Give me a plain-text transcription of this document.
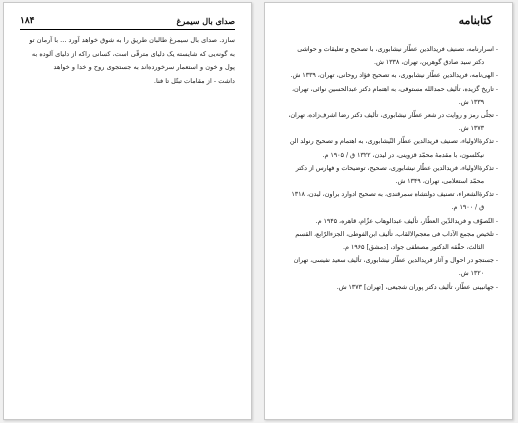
صدای بال سیمرغ
۱۸۴
سازد. صدای بال سیمرغ طالبان طریق را به شوق خواهد آورد ... با آرمان تو
به گونه‌یی که شایسته یک دلیای مترقّی است، کسانی راکه از دلیای آلوده به
پول و خون و استعمار سرخورده‌اند به جستجوی روح و خدا و خواهد
داشت - از مقامات تبتّل تا فنا.
کتابنامه
- اسرارنامه، تصنیف فریدالدین عطّار نیشابوری، با تصحیح و تعلیقات و حواشی
دکتر سید صادق گوهرین، تهران، ۱۳۳۸ ش.
- الهی‌نامه، فریدالدین عطّار نیشابوری، به تصحیح فؤاد روحانی، تهران، ۱۳۳۹ ش.
- تاریخ گزیده، تألیف حمدالله مستوفی، به اهتمام دکتر عبدالحسین نوائی، تهران،
۱۳۳۹ ش.
- تجلّی رمز و روایت در شعر عطّار نیشابوری، تألیف دکتر رضا اشرف‌زاده، تهران،
۱۳۷۳ ش.
- تذکرةالاولیاء، تصنیف فریدالدین عطّار النّیشابوری، به اهتمام و تصحیح رنولد الن
نیکلسون، با مقدمهٔ محمّد قزوینی، در لیدن، ۱۳۲۲ ق / ۱۹۰۵ م.
- تذکرةالاولیاء، فریدالدین عطّار نیشابوری، تصحیح، توضیحات و فهارس از دکتر
محمّد استعلامی، تهران، ۱۳۴۹ ش.
- تذکرةالشعراء، تصنیف دولتشاه سمرقندی، به تصحیح ادوارد براون، لیدن، ۱۳۱۸
ق / ۱۹۰۰ م.
- التّصوّف و فریدالدّین العطّار، تألیف عبدالوهاب عزّام، قاهره، ۱۹۴۵ م.
- تلخیص مجمع الآداب فی معجم‌الالقاب، تألیف ابن‌الفوطی، الجزءالرّابع، القسم
الثالث، حقّقه الدکتور مصطفی جواد، [دمشق] ۱۹۶۵ م.
- جستجو در احوال و آثار فریدالدین عطّار نیشابوری، تألیف سعید نفیسی، تهران
۱۳۲۰ ش.
- جهانبینی عطّار، تألیف دکتر پوران شجیعی، [تهران] ۱۳۷۳ ش.
